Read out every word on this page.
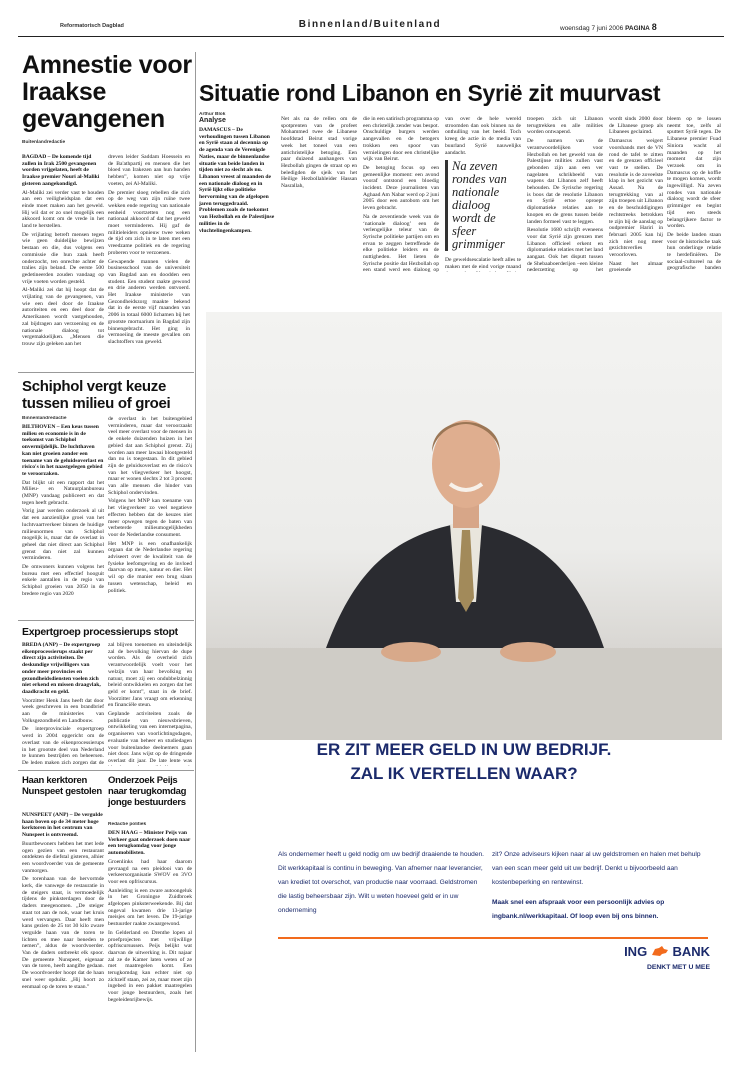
Reformatorisch Dagblad	Binnenland/Buitenland	woensdag 7 juni 2006 PAGINA 8
Amnestie voor Iraakse gevangenen
Buitenlandredactie
BAGDAD – De komende tijd zullen in Irak 2500 gevangenen worden vrijgelaten, heeft de Iraakse premier Nouri al-Maliki gisteren aangekondigd.
Al-Maliki zei verder vast te houden aan een veiligheidsplan dat een einde moet maken aan het geweld. Hij wil dat er zo snel mogelijk een akkoord komt om de vrede in het land te herstellen.
De vrijlating betreft mensen tegen wie geen duidelijke bewijzen bestaan en die, dus volgens een commissie die hun zaak heeft onderzocht, ten onrechte achter de tralies zijn beland. De eerste 500 gedetineerden zouden vandaag op vrije voeten worden gesteld.
Al-Maliki zei dat hij hoopt dat de vrijlating van de gevangenen, van wie een deel door de Iraakse autoriteiten en een deel door de Amerikanen wordt vastgehouden, zal bijdragen aan verzoening en de nationale dialoog tot vergemakkelijken. „Mensen die trouw zijn geleken aan het
dreven leider Saddam Hoessein en de Ba'athpartij en mensen die het bloed van Irakezen aan hun handen hebben”, komen niet op vrije voeten, zei Al-Maliki.
De premier sloeg rebellen die zich op de weg van zijn ruïne twee wekken ende regering van nationale eenheid voortzetten nog een nationaal akkoord af dat het geweld moet verminderen. Hij gaf de militieleiders opnieuw twee weken de tijd om zich in te laten met een vreedzame politiek en de regering proberen voor te verzoenen.
Gewapende mannen vielen de businesschool van de universiteit van Bagdad aan en doodden een student. Een student raakte gewond en drie anderen werden ontvoerd. Het Iraakse ministerie van Gezondheidszorg maakte bekend dat in de eerste vijf maanden van 2006 in totaal 6000 lichamen bij het grootste mortuarium in Bagdad zijn binnengebracht. Het ging in vermoeiing de meeste gevallen om slachtoffers van geweld.
Situatie rond Libanon en Syrië zit muurvast
Arthur Blok
Analyse
DAMASCUS – De verhoudingen tussen Libanon en Syrië staan al decennia op de agenda van de Verenigde Naties, maar de binnenlandse situatie van beide landen in tijden niet zo slecht als nu. Libanon vreest al maanden de een nationale dialoog en in Syrië lijkt elke politieke hervorming van de afgelopen jaren teruggedraaid. Problemen zoals de toekomst van Hezbollah en de Palestijnse milities in de vluchtelingenkampen.
Net als na de rellen om de spotprenten van de profeet Mohammed twee de Libanese hoofdstad Beirut stad vorige week het toneel van een antichristelijke betoging. Een paar duizend aanhangers van Hezbollah gingen de straat op en beledigden de sjeik van het Heilige Hezbollahleider Hassan Nasrallah,
die in een satirisch programma op een christelijk zender was bespot. Onschuldige burgers werden aangevallen en de betogers trokken een spoor van vernielingen door een christelijke wijk van Beirut.
De betoging focus op een gemeenlijke moment: een avond vooraf ontstond een bloedig incident. Deze journalisten van Aghaad Am Nabar werd op 2 juni 2005 door een autobom om het leven gebracht.
Na de zeventiende week van de ‘nationale dialoog’ een de verlengelijke teleur van de Syrische politieke partijen om en ervan te zeggen betreffende de elke politieke leiders en de nuttigheden. Het lieten de Syrische positie dat Hezbollah op een stand werd een dialoog op
van over de hele wereld stroomden dan ook binnen na de onthulling van het beeld. Toch kreeg de actie in de media van buurland Syrië nauwelijks aandacht.
Na zeven rondes van nationale dialoog wordt de sfeer grimmiger
De geweldsescalatie heeft alles te maken met de eind vorige maand
troepen zich uit Libanon terugtrekken en alle milities worden ontwapend.
De namen van de verantwoordelijken voor Hezbollah en het geweld van de Palestijnse milities zullen vast gebonden zijn aan een ver nagelaten schrikbeeld van wapens dat Libanon zelf heeft behouden. De Syrische regering is boos dat de resolutie Libanon en Syrië ertoe oproept diplomatieke relaties aan te knopen en de grens tussen beide landen formeel vast te leggen.
Resolutie 1680 schrijft eveneens voor dat Syrië zijn grenzen met Libanon officieel erkent en diplomatieke relaties met het land aangaat. Ook het disputt tussen de Shebaaboerderijen –een kleine nederzetting op het
wordt sinds 2000 door de Libanese groep als Libanees geclaimd.
Damascus weigert voorshands met de VN rond de tafel te zitten en de grenzen officieel vast te stellen. De resolutie is de zoveelste klap in het gezicht van Assad. Na de terugtrekking van al zijn troepen uit Libanon en de beschuldigingen rechtstreeks betrokken te zijn bij de aanslag op oudpremier Hariri in februari 2005 kan hij zich niet nog meer gezichtsverlies veroorloven.
Naast het almaar groeiende
bleem op te lossen neemt toe, zelfs al sputtert Syrië tegen. De Libanese premier Fuad Siniora wacht al maanden op het moment dat zijn verzoek om in Damascus op de koffie te mogen komen, wordt ingewilligd. Na zeven rondes van nationale dialoog wordt de sfeer grimmiger en begint tijd een steeds belangrijkere factor te worden.
De beide landen staan voor de historische taak hun onderlinge relatie te herdefiniëren. De sociaal-cultureel na de geografische banden
Schiphol vergt keuze tussen milieu of groei
Binnenlandredactie
BILTHOVEN – Een keus tussen milieu en economie is in de toekomst van Schiphol onvermijdelijk. De luchthaven kan niet groeien zonder een toename van de geluidsoverlast en risico's in het naastgelegen gebied te veroorzaken.
Dat blijkt uit een rapport dat het Milieu- en Natuurplanbureau (MNP) vandaag publiceert en dat tegen heeft gebracht.
Vorig jaar werden onderzoek al uit dat een aanzienlijke groei van het luchtvaartverkeer binnen de huidige milieunormen van Schiphol mogelijk is, maar dat de overlast in geheel dat niet direct aan Schiphol grenst dan niet zal kunnen verminderen.
De omwoners kunnen volgens het bureau met een effectief hooguit enkele aantallen in de regio van Schiphol groeien van 2050 in de bredere regio van 2020
de overlast in het buitengebied verminderen, maar dat veroorzaakt veel meer overlast voor de mensen in de enkele duizenden huizen in het gebied dat aan Schiphol grenst. Zij worden aan meer lawaai blootgesteld dan nu is toegestaan. In dit gebied zijn de geluidsoverlast en de risico's van het vliegverkeer het hoogst, maar er wonen slechts 2 tot 3 procent van alle mensen die hinder van Schiphol ondervinden.
Volgens het MNP kan toename van het vliegverkeer zo veel negatieve effecten hebben dat de keuzes niet meer opwegen tegen de baten van verbeterde milieumogelijkheden voor de Nederlandse consument.
Het MNP is een onafhankelijk orgaan dat de Nederlandse regering adviseert over de kwaliteit van de fysieke leefomgeving en de invloed daarvan op mens, natuur en dier. Het wil op die manier een brug slaan tussen wetenschap, beleid en politiek.
Expertgroep processierups stopt
BREDA (ANP) – De expertgroep eikenprocessierups staakt per direct zijn activiteiten. De deskundige vrijwilligers van onder meer provincies en gezondheidsdiensten voelen zich niet erkend en missen draagvlak, daadkracht en geld.
Voorzitter Henk Jans heeft dat door week geschreven in een brandbrief aan de ministeries van Volksgezondheid en Landbouw.
De interprovinciale expertgroep werd in 2004 opgericht om de overlast van de eikenprocessierups in het grootste deel van Nederland te kunnen bestrijden en beheersen. De leden maken zich zorgen dat de
zal blijven toenemen en uiteindelijk zal de bevolking hiervan de dupe worden. Als de overheid zich verantwoordelijk voelt voor het welzijn van haar bevolking en natuur, moet zij een ondubbelzinnig beleid ontwikkelen en zorgen dat het geld er komt”, staat in de brief. Voorzitter Jans vraagt om erkenning en financiële steun.
Geplande activiteiten zoals de publicatie van nieuwsbrieven, ontwikkeling van een internetpagina, organiseren van voorlichtingsdagen, evaluatie van beheer en studiedagen voor buitenlandse deelnemers gaan niet door. Jans wijst op de dringende overlast dit jaar. De late lente was
Haan kerktoren Nunspeet gestolen
NUNSPEET (ANP) – De vergulde haan boven op de 34 meter hoge kerktoren in het centrum van Nunspeet is ontvreemd.
Buurtbewoners hebben het met lede ogen gezien van een restaurant ontdekten de diefstal gisteren, alhier een woordvoerder van de gemeente vanmorgen.
De torenhaan van de hervormde kerk, die vanwege de restauratie in de steigers staat, is vermoedelijk tijdens de pinksterdagen door de daders meegenomen. „De steiger staat tot aan de nok, waar het kruis werd vervangen. Daar heeft men kans gezien de 25 tot 30 kilo zware vergulde haan van de toren te lichten en mee naar beneden te nemen”, aldus de woordvoerder. Van de daders ontbreekt elk spoor. De gemeente Nunspeet, eigenaar van de toren, heeft aangifte gedaan. De woordvoerder hoopt dat de haan snel weer opduikt. „Hij hoort zo eenmaal op de toren te staan.”
Onderzoek Peijs naar terugkomdag jonge bestuurders
Redactie politiek
DEN HAAG – Minister Peijs van Verkeer gaat onderzoek doen naar een terugkomdag voor jonge automobilisten.
Groenlinks had haar daarom gevraagd na een pleidooi van de verkeersorganisatie SWOV en 3VO voor een opfriscursus.
Aanleiding is een zware autoongeluk in het Groningse Zuidbroek afgelopen pinksterweekende. Bij dat ongeval kwamen drie 13-jarige meisjes om het leven. De 19-jarige bestuurder raakte zwaargewond.
In Gelderland en Drenthe lopen al proefprojecten met vrijwillige opfriscursussen. Peijs belijkt wat daarvan de uitwerking is. Dit najaar zal ze de Kamer laten weten of ze met maatregelen komt. Een terugkomdag kan echter niet op zichzelf staan, zei ze, maar moet zijn ingebed in een pakket maatregelen voor jonge bestuurders, zoals het begeleidenrijbewijs.
ER ZIT MEER GELD IN UW BEDRIJF.
ZAL IK VERTELLEN WAAR?
Als ondernemer heeft u geld nodig om uw bedrijf draaiende te houden. Dit werkkapitaal is continu in beweging. Van afnemer naar leverancier, van krediet tot overschot, van productie naar voorraad. Geldstromen die lastig beheersbaar zijn. Wilt u weten hoeveel geld er in uw onderneming
zit? Onze adviseurs kijken naar al uw geldstromen en halen met behulp van een scan meer geld uit uw bedrijf. Denkt u bijvoorbeeld aan kostenbeperking en rentewinst.

Maak snel een afspraak voor een persoonlijk advies op ingbank.nl/werkkapitaal. Of loop even bij ons binnen.
ING BANK
DENKT MET U MEE
